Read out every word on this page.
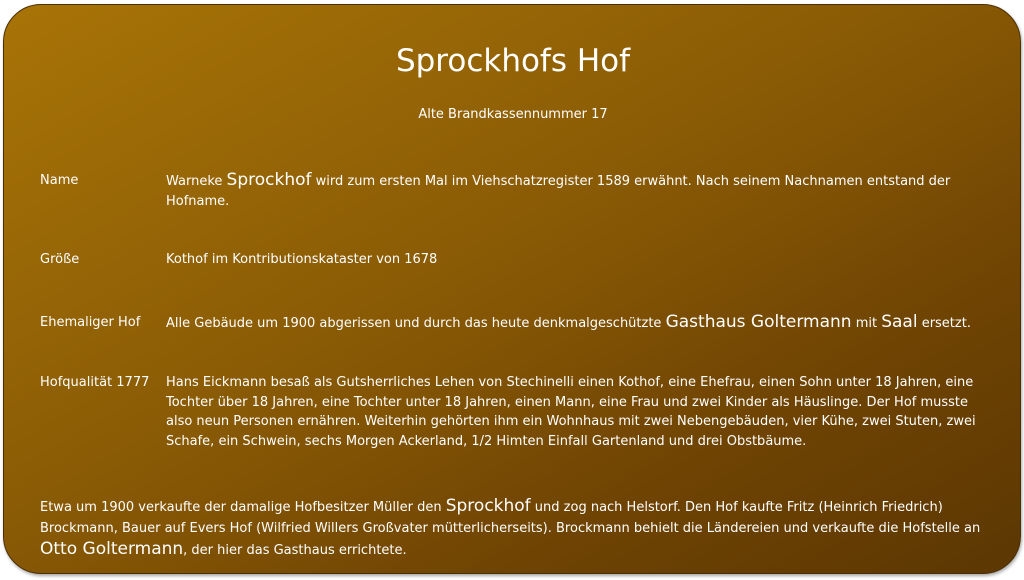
Sprockhofs Hof
Alte Brandkassennummer 17
Name	Warneke Sprockhof wird zum ersten Mal im Viehschatzregister 1589 erwähnt. Nach seinem Nachnamen entstand der Hofname.
Größe	Kothof im Kontributionskataster von 1678
Ehemaliger Hof Alle Gebäude um 1900 abgerissen und durch das heute denkmalgeschützte Gasthaus Goltermann mit Saal ersetzt.
Hofqualität 1777 Hans Eickmann besaß als Gutsherrliches Lehen von Stechinelli einen Kothof, eine Ehefrau, einen Sohn unter 18 Jahren, eine Tochter über 18 Jahren, eine Tochter unter 18 Jahren, einen Mann, eine Frau und zwei Kinder als Häuslinge. Der Hof musste also neun Personen ernähren. Weiterhin gehörten ihm ein Wohnhaus mit zwei Nebengebäuden, vier Kühe, zwei Stuten, zwei Schafe, ein Schwein, sechs Morgen Ackerland, 1/2 Himten Einfall Gartenland und drei Obstbäume.
Etwa um 1900 verkaufte der damalige Hofbesitzer Müller den Sprockhof und zog nach Helstorf. Den Hof kaufte Fritz (Heinrich Friedrich) Brockmann, Bauer auf Evers Hof (Wilfried Willers Großvater mütterlicherseits). Brockmann behielt die Ländereien und verkaufte die Hofstelle an Otto Goltermann, der hier das Gasthaus errichtete.
